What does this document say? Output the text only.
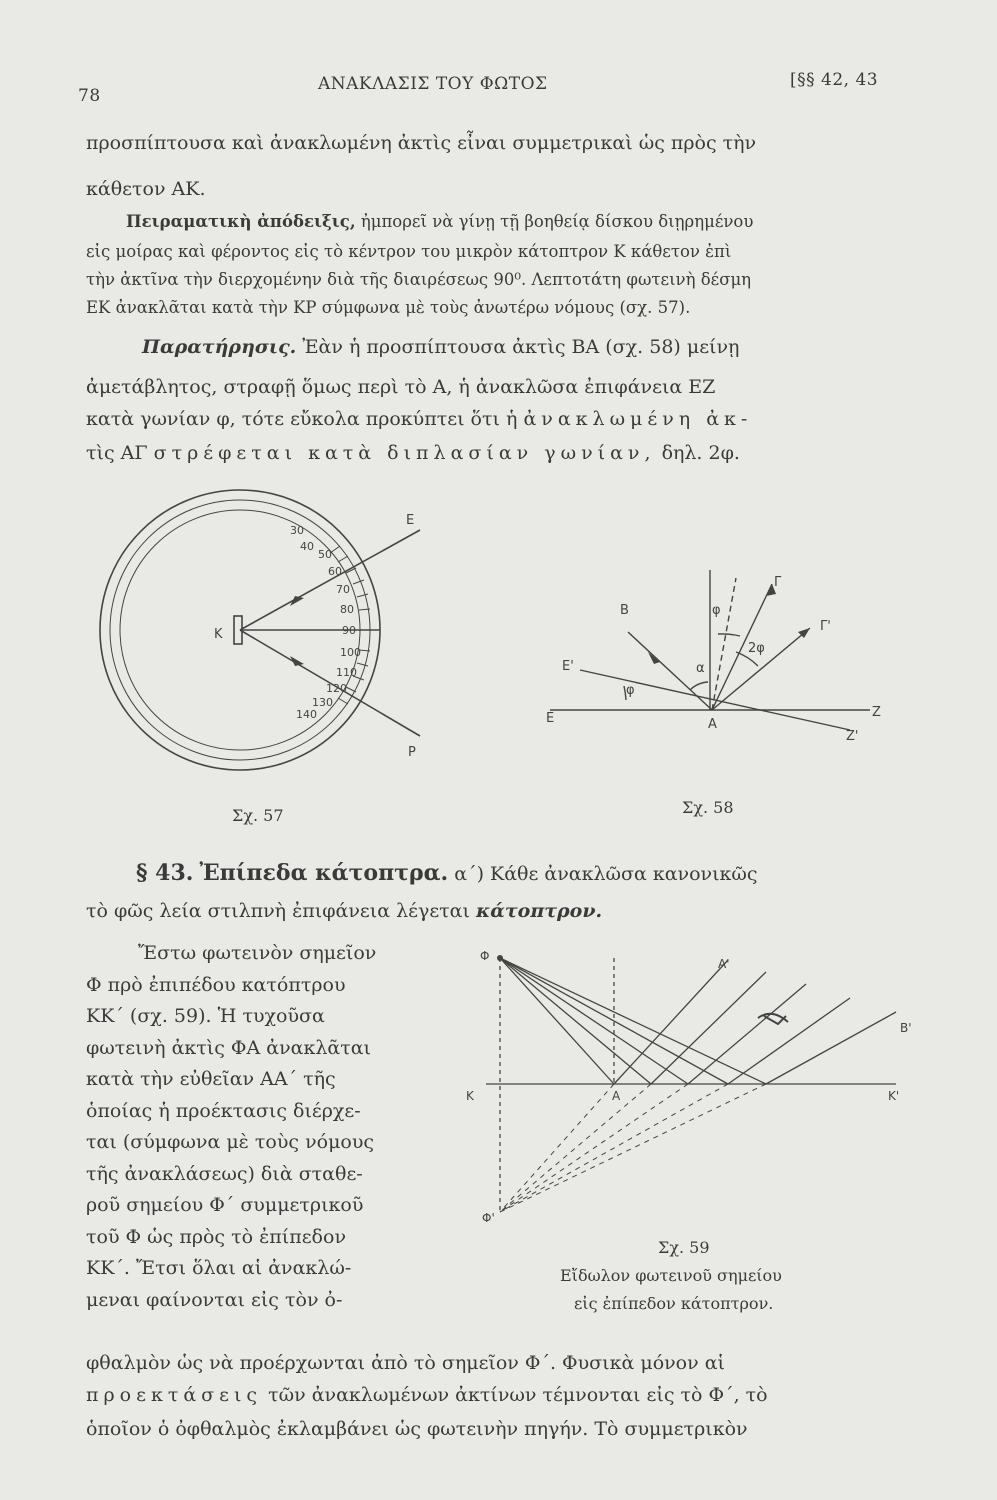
78
ΑΝΑΚΛΑΣΙΣ ΤΟΥ ΦΩΤΟΣ	[§§ 42, 43
προσπίπτουσα καὶ ἀνακλωμένη ἀκτὶς εἶναι συμμετρικαὶ ὡς πρὸς τὴν
κάθετον ΑΚ.
Πειραματικὴ ἀπόδειξις, ἠμπορεῖ νὰ γίνῃ τῇ βοηθείᾳ δίσκου διῃρημένου
εἰς μοίρας καὶ φέροντος εἰς τὸ κέντρον του μικρὸν κάτοπτρον Κ κάθετον ἐπὶ
τὴν ἀκτῖνα τὴν διερχομένην διὰ τῆς διαιρέσεως 90⁰. Λεπτοτάτη φωτεινὴ δέσμη
ΕΚ ἀνακλᾶται κατὰ τὴν ΚΡ σύμφωνα μὲ τοὺς ἀνωτέρω νόμους (σχ. 57).
Παρατήρησις. Ἐὰν ἡ προσπίπτουσα ἀκτὶς ΒΑ (σχ. 58) μείνῃ
ἀμετάβλητος, στραφῇ ὅμως περὶ τὸ Α, ἡ ἀνακλῶσα ἐπιφάνεια ΕΖ
κατὰ γωνίαν φ, τότε εὔκολα προκύπτει ὅτι ἡ ἀνακλωμένη ἀκ-
τὶς ΑΓ στρέφεται κατὰ διπλασίαν γωνίαν, δηλ. 2φ.
30
40
50
60
70
80
90
100
110
120
130
140
E
K
P
Σχ. 57
B
Γ
Γ'
φ
2φ
α
E'
φ
E	A
Z
Z'
Σχ. 58
§ 43. Ἐπίπεδα κάτοπτρα. α΄) Κάθε ἀνακλῶσα κανονικῶς
τὸ φῶς λεία στιλπνὴ ἐπιφάνεια λέγεται κάτοπτρον.
Ἔστω φωτεινὸν σημεῖον
Φ πρὸ ἐπιπέδου κατόπτρου
ΚΚ΄ (σχ. 59). Ἡ τυχοῦσα
φωτεινὴ ἀκτὶς ΦΑ ἀνακλᾶται
κατὰ τὴν εὐθεῖαν ΑΑ΄ τῆς
ὁποίας ἡ προέκτασις διέρχε-
ται (σύμφωνα μὲ τοὺς νόμους
τῆς ἀνακλάσεως) διὰ σταθε-
ροῦ σημείου Φ΄ συμμετρικοῦ
τοῦ Φ ὡς πρὸς τὸ ἐπίπεδον
ΚΚ΄. Ἔτσι ὅλαι αἱ ἀνακλώ-
μεναι φαίνονται εἰς τὸν ὀ-
Φ
Φ'
A
A'
B'
K	K'
Σχ. 59
Εἴδωλον φωτεινοῦ σημείου
εἰς ἐπίπεδον κάτοπτρον.
φθαλμὸν ὡς νὰ προέρχωνται ἀπὸ τὸ σημεῖον Φ΄. Φυσικὰ μόνον αἱ
προεκτάσεις τῶν ἀνακλωμένων ἀκτίνων τέμνονται εἰς τὸ Φ΄, τὸ
ὁποῖον ὁ ὀφθαλμὸς ἐκλαμβάνει ὡς φωτεινὴν πηγήν. Τὸ συμμετρικὸν
